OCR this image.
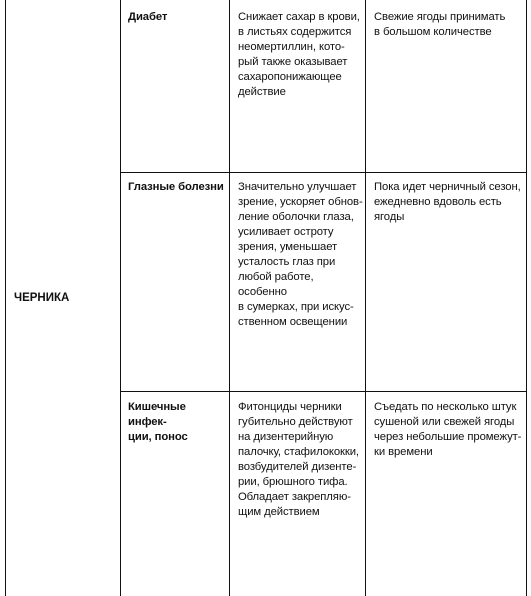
ЧЕРНИКА
Диабет	Снижает сахар в крови,
в листьях содержится
неомертиллин, кото-
рый также оказывает
сахаропонижающее
действие
Свежие ягоды принимать
в большом количестве
Глазные болезни Значительно улучшает
зрение, ускоряет обнов-
ление оболочки глаза,
усиливает остроту
зрения, уменьшает
усталость глаз при
любой работе, особенно
в сумерках, при искус-
ственном освещении
Пока идет черничный сезон,
ежедневно вдоволь есть
ягоды
Кишечные инфек-
ции, понос
Фитонциды черники
губительно действуют
на дизентерийную
палочку, стафилококки,
возбудителей дизенте-
рии, брюшного тифа.
Обладает закрепляю-
щим действием
Съедать по несколько штук
сушеной или свежей ягоды
через небольшие промежут-
ки времени
